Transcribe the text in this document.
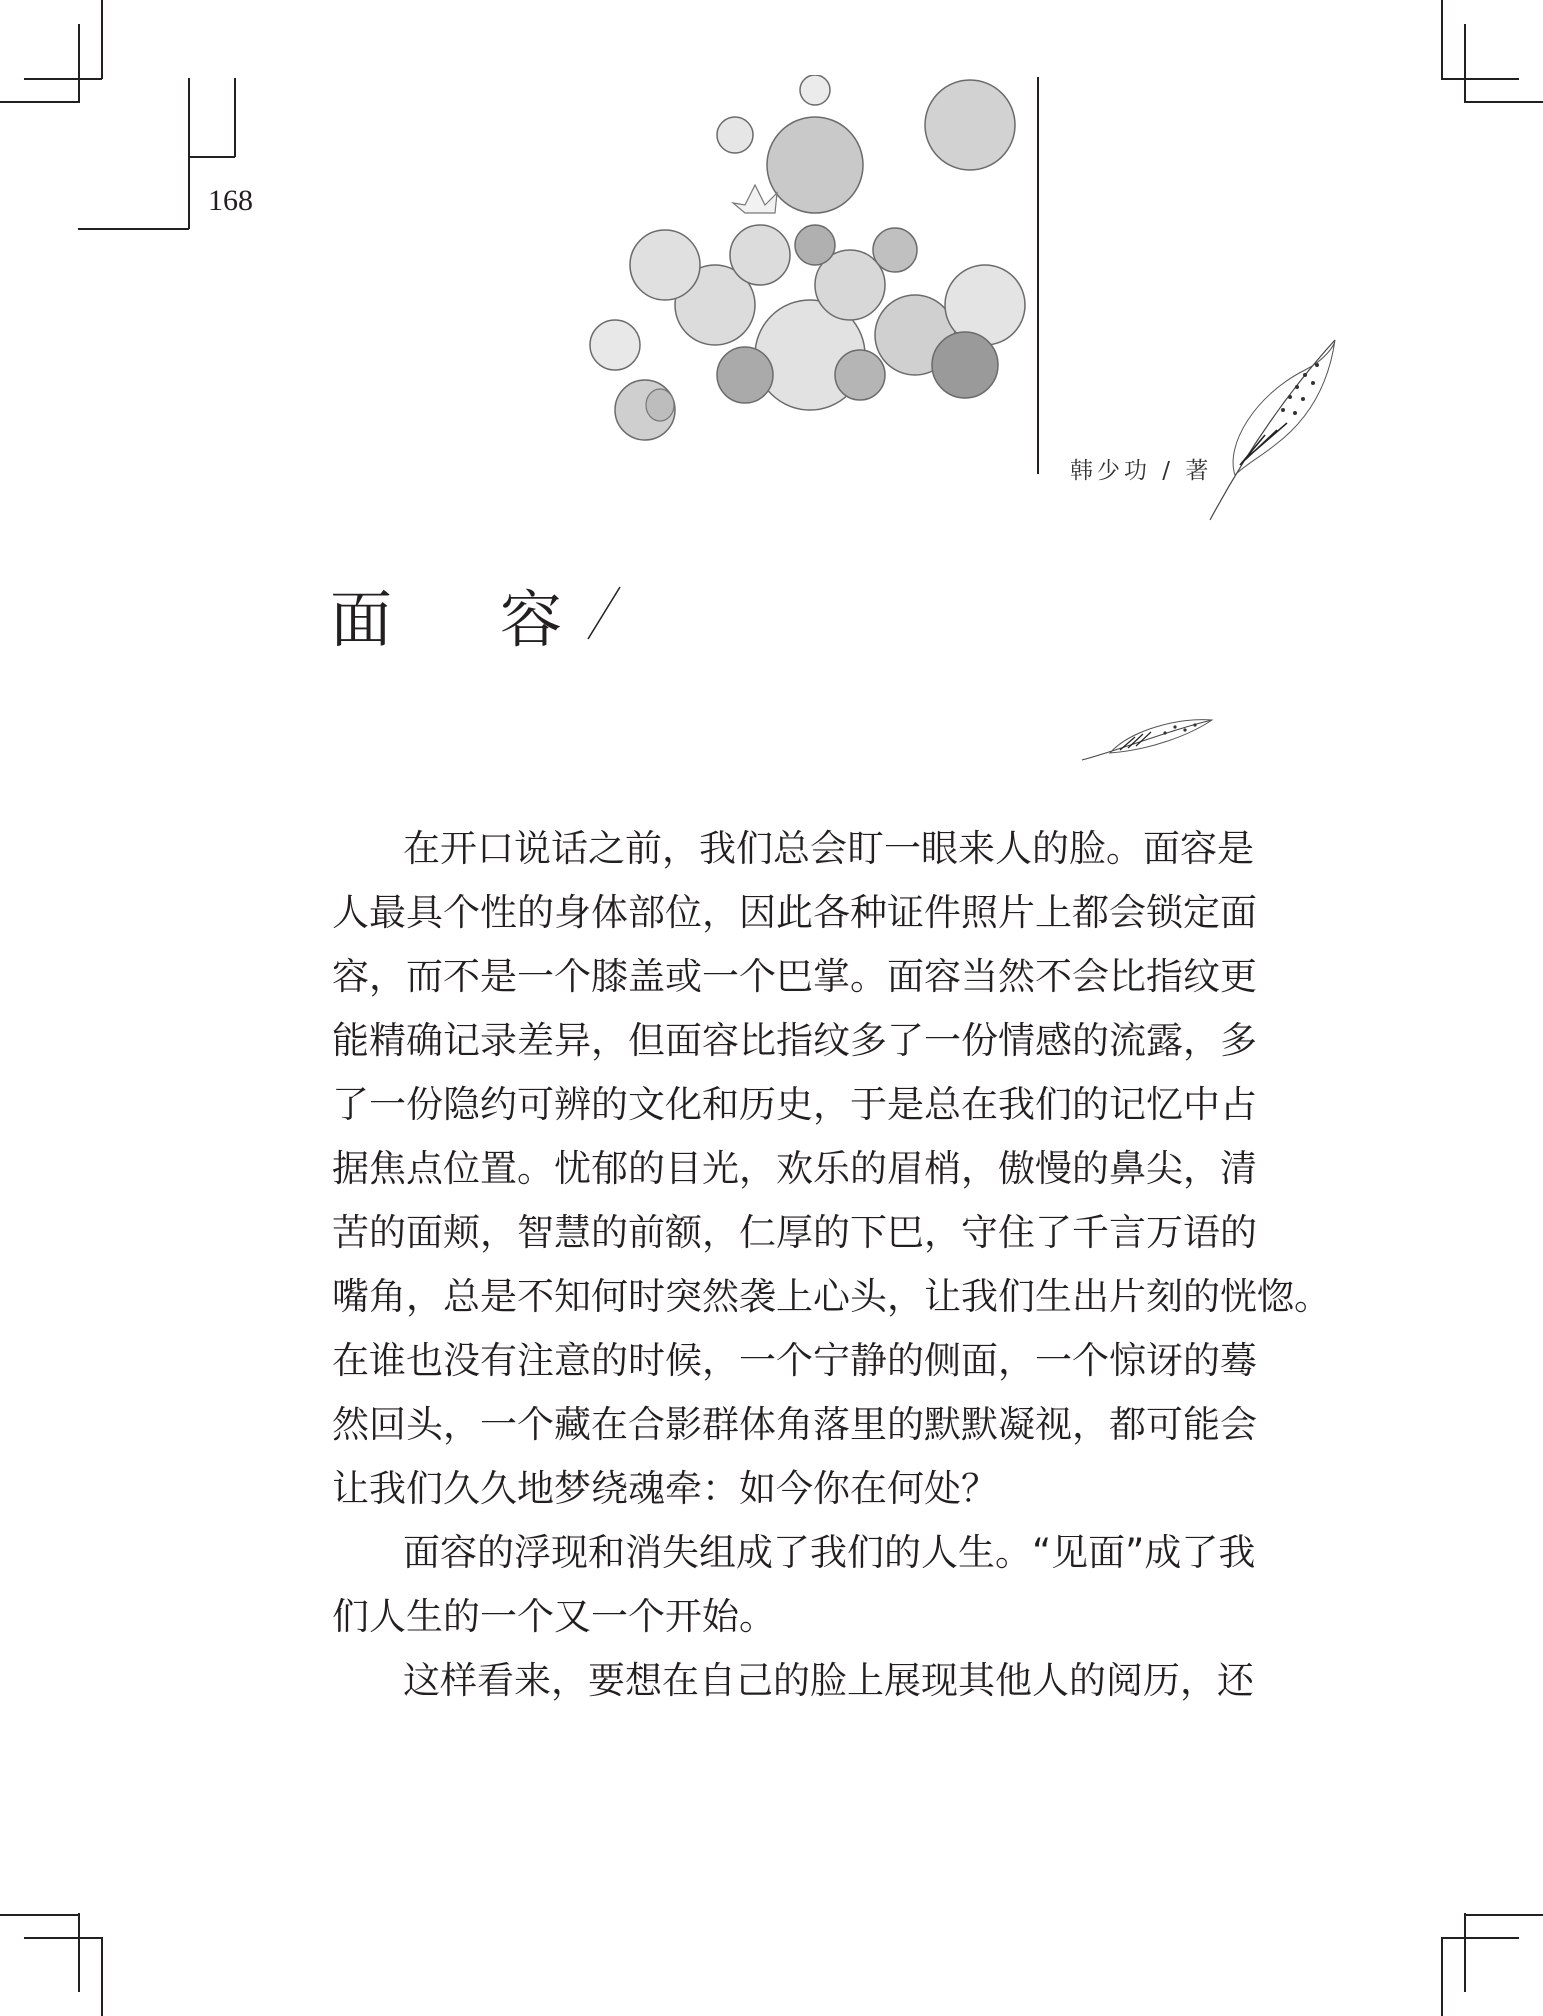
168
韩少功 / 著
面 容
在开口说话之前，我们总会盯一眼来人的脸。面容是
人最具个性的身体部位，因此各种证件照片上都会锁定面
容，而不是一个膝盖或一个巴掌。面容当然不会比指纹更
能精确记录差异，但面容比指纹多了一份情感的流露，多
了一份隐约可辨的文化和历史，于是总在我们的记忆中占
据焦点位置。忧郁的目光，欢乐的眉梢，傲慢的鼻尖，清
苦的面颊，智慧的前额，仁厚的下巴，守住了千言万语的
嘴角，总是不知何时突然袭上心头，让我们生出片刻的恍惚。
在谁也没有注意的时候，一个宁静的侧面，一个惊讶的蓦
然回头，一个藏在合影群体角落里的默默凝视，都可能会
让我们久久地梦绕魂牵：如今你在何处？
面容的浮现和消失组成了我们的人生。“见面”成了我
们人生的一个又一个开始。
这样看来，要想在自己的脸上展现其他人的阅历，还
